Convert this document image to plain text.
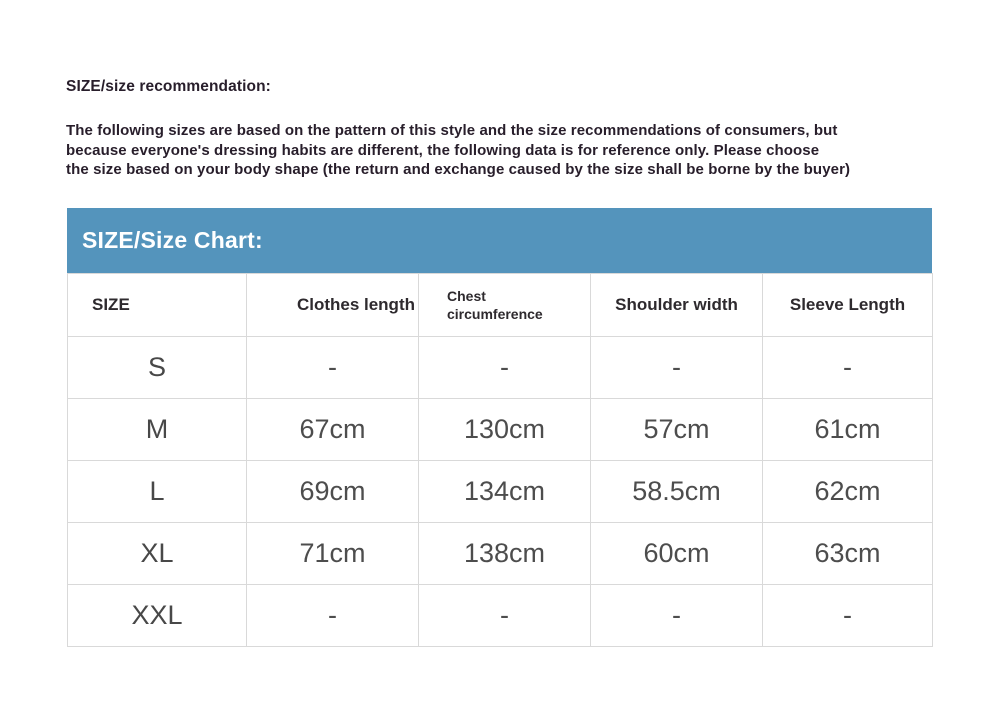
SIZE/size recommendation:
The following sizes are based on the pattern of this style and the size recommendations of consumers, but
because everyone's dressing habits are different, the following data is for reference only. Please choose
the size based on your body shape (the return and exchange caused by the size shall be borne by the buyer)
SIZE/Size Chart:
SIZE	Clothes length	Chest circumference	Shoulder width	Sleeve Length
S	-	-	-	-
M	67cm	130cm	57cm	61cm
L	69cm	134cm	58.5cm	62cm
XL	71cm	138cm	60cm	63cm
XXL	-	-	-	-
